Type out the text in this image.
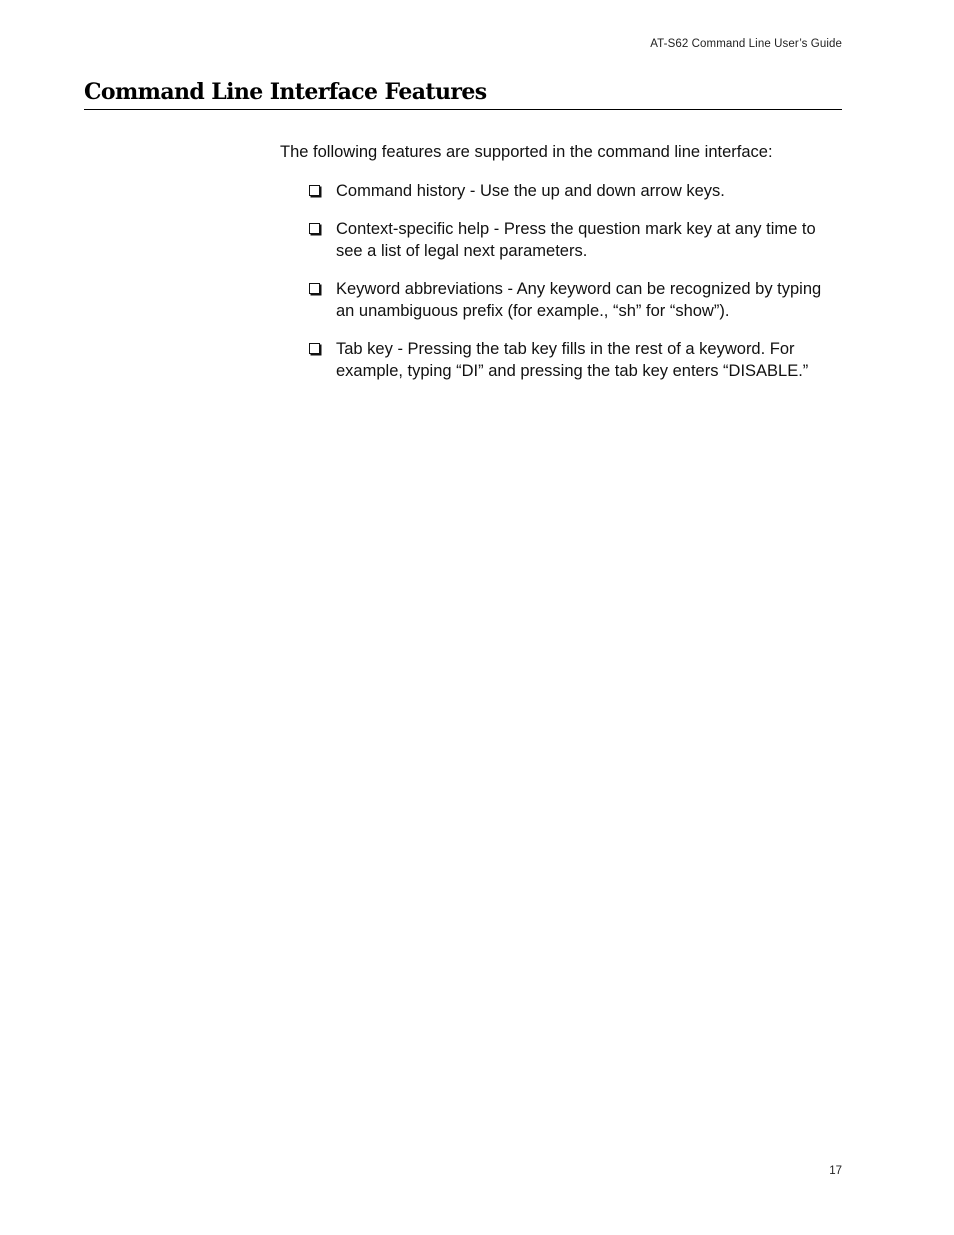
AT-S62 Command Line User’s Guide
Command Line Interface Features

The following features are supported in the command line interface:

Command history - Use the up and down arrow keys.
Context-specific help - Press the question mark key at any time to see a list of legal next parameters.
Keyword abbreviations - Any keyword can be recognized by typing an unambiguous prefix (for example., “sh” for “show”).
Tab key - Pressing the tab key fills in the rest of a keyword. For example, typing “DI” and pressing the tab key enters “DISABLE.”
17
